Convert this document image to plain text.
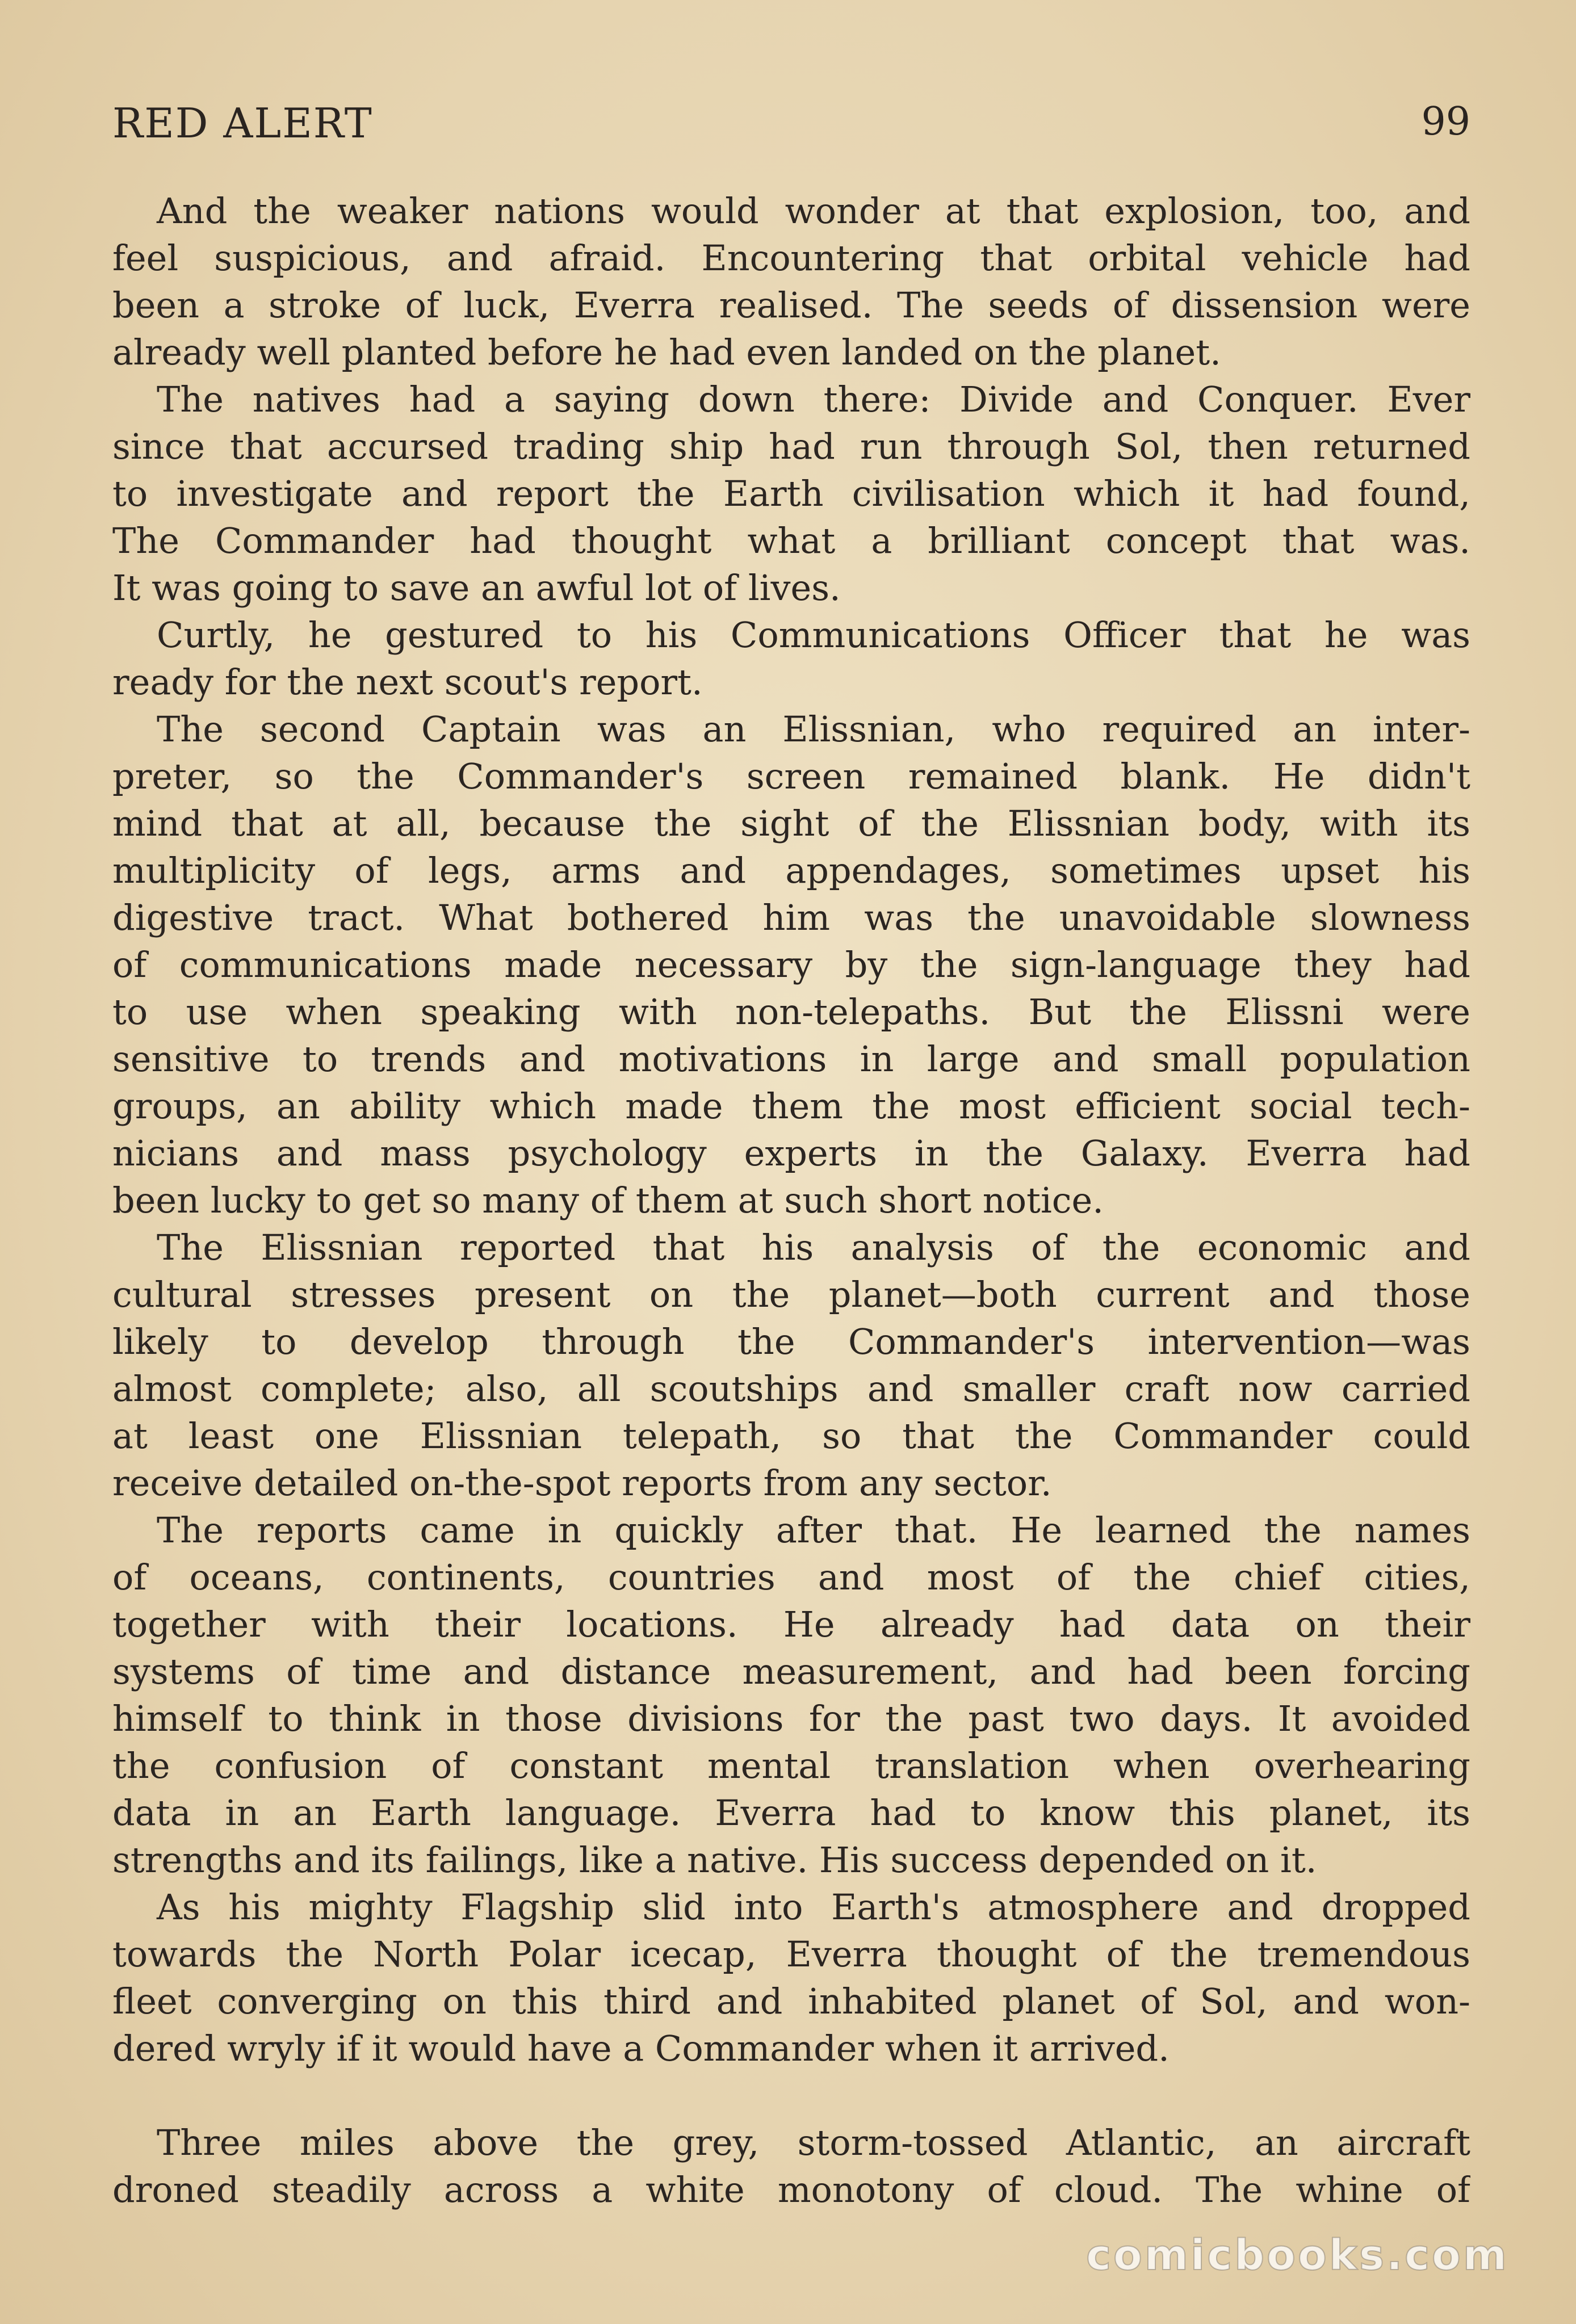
RED ALERT	99
And the weaker nations would wonder at that explosion, too, and
feel suspicious, and afraid. Encountering that orbital vehicle had
been a stroke of luck, Everra realised. The seeds of dissension were
already well planted before he had even landed on the planet.
The natives had a saying down there: Divide and Conquer. Ever
since that accursed trading ship had run through Sol, then returned
to investigate and report the Earth civilisation which it had found,
The Commander had thought what a brilliant concept that was.
It was going to save an awful lot of lives.
Curtly, he gestured to his Communications Officer that he was
ready for the next scout's report.
The second Captain was an Elissnian, who required an inter-
preter, so the Commander's screen remained blank. He didn't
mind that at all, because the sight of the Elissnian body, with its
multiplicity of legs, arms and appendages, sometimes upset his
digestive tract. What bothered him was the unavoidable slowness
of communications made necessary by the sign-language they had
to use when speaking with non-telepaths. But the Elissni were
sensitive to trends and motivations in large and small population
groups, an ability which made them the most efficient social tech-
nicians and mass psychology experts in the Galaxy. Everra had
been lucky to get so many of them at such short notice.
The Elissnian reported that his analysis of the economic and
cultural stresses present on the planet—both current and those
likely to develop through the Commander's intervention—was
almost complete; also, all scoutships and smaller craft now carried
at least one Elissnian telepath, so that the Commander could
receive detailed on-the-spot reports from any sector.
The reports came in quickly after that. He learned the names
of oceans, continents, countries and most of the chief cities,
together with their locations. He already had data on their
systems of time and distance measurement, and had been forcing
himself to think in those divisions for the past two days. It avoided
the confusion of constant mental translation when overhearing
data in an Earth language. Everra had to know this planet, its
strengths and its failings, like a native. His success depended on it.
As his mighty Flagship slid into Earth's atmosphere and dropped
towards the North Polar icecap, Everra thought of the tremendous
fleet converging on this third and inhabited planet of Sol, and won-
dered wryly if it would have a Commander when it arrived.
Three miles above the grey, storm-tossed Atlantic, an aircraft
droned steadily across a white monotony of cloud. The whine of
comicbooks.com
